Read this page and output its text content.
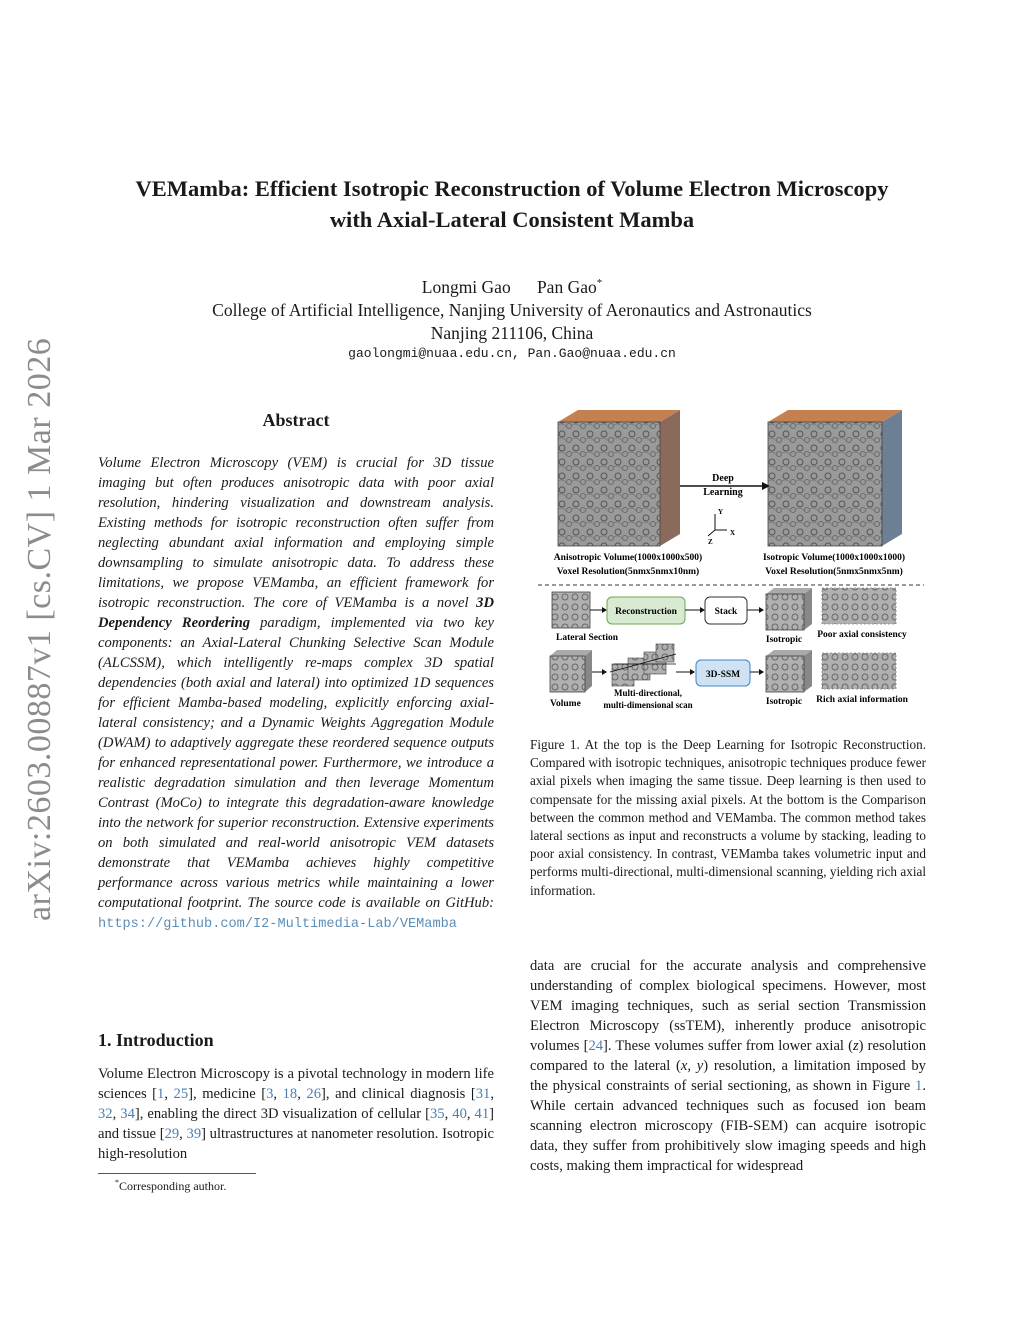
arXiv:2603.00887v1 [cs.CV] 1 Mar 2026
VEMamba: Efficient Isotropic Reconstruction of Volume Electron Microscopy
with Axial-Lateral Consistent Mamba
Longmi Gao Pan Gao*
College of Artificial Intelligence, Nanjing University of Aeronautics and Astronautics
Nanjing 211106, China
gaolongmi@nuaa.edu.cn, Pan.Gao@nuaa.edu.cn
Abstract
Volume Electron Microscopy (VEM) is crucial for 3D tissue imaging but often produces anisotropic data with poor axial resolution, hindering visualization and downstream analysis. Existing methods for isotropic reconstruction often suffer from neglecting abundant axial information and employing simple downsampling to simulate anisotropic data. To address these limitations, we propose VEMamba, an efficient framework for isotropic reconstruction. The core of VEMamba is a novel 3D Dependency Reordering paradigm, implemented via two key components: an Axial-Lateral Chunking Selective Scan Module (ALCSSM), which intelligently re-maps complex 3D spatial dependencies (both axial and lateral) into optimized 1D sequences for efficient Mamba-based modeling, explicitly enforcing axial-lateral consistency; and a Dynamic Weights Aggregation Module (DWAM) to adaptively aggregate these reordered sequence outputs for enhanced representational power. Furthermore, we introduce a realistic degradation simulation and then leverage Momentum Contrast (MoCo) to integrate this degradation-aware knowledge into the network for superior reconstruction. Extensive experiments on both simulated and real-world anisotropic VEM datasets demonstrate that VEMamba achieves highly competitive performance across various metrics while maintaining a lower computational footprint. The source code is available on GitHub: https://github.com/I2-Multimedia-Lab/VEMamba
1. Introduction
Volume Electron Microscopy is a pivotal technology in modern life sciences [1, 25], medicine [3, 18, 26], and clinical diagnosis [31, 32, 34], enabling the direct 3D visualization of cellular [35, 40, 41] and tissue [29, 39] ultrastructures at nanometer resolution. Isotropic high-resolution
*Corresponding author.
Deep
Learning
Y
X
Z
Anisotropic Volume(1000x1000x500)
Voxel Resolution(5nmx5nmx10nm)
Isotropic Volume(1000x1000x1000)
Voxel Resolution(5nmx5nmx5nm)
Reconstruction	Stack
Lateral Section	Isotropic Poor axial consistency
3D-SSM
Volume
Multi-directional,
multi-dimensional scan	Isotropic Rich axial information
Figure 1. At the top is the Deep Learning for Isotropic Reconstruction. Compared with isotropic techniques, anisotropic techniques produce fewer axial pixels when imaging the same tissue. Deep learning is then used to compensate for the missing axial pixels. At the bottom is the Comparison between the common method and VEMamba. The common method takes lateral sections as input and reconstructs a volume by stacking, leading to poor axial consistency. In contrast, VEMamba takes volumetric input and performs multi-directional, multi-dimensional scanning, yielding rich axial information.
data are crucial for the accurate analysis and comprehensive understanding of complex biological specimens. However, most VEM imaging techniques, such as serial section Transmission Electron Microscopy (ssTEM), inherently produce anisotropic volumes [24]. These volumes suffer from lower axial (z) resolution compared to the lateral (x, y) resolution, a limitation imposed by the physical constraints of serial sectioning, as shown in Figure 1. While certain advanced techniques such as focused ion beam scanning electron microscopy (FIB-SEM) can acquire isotropic data, they suffer from prohibitively slow imaging speeds and high costs, making them impractical for widespread
